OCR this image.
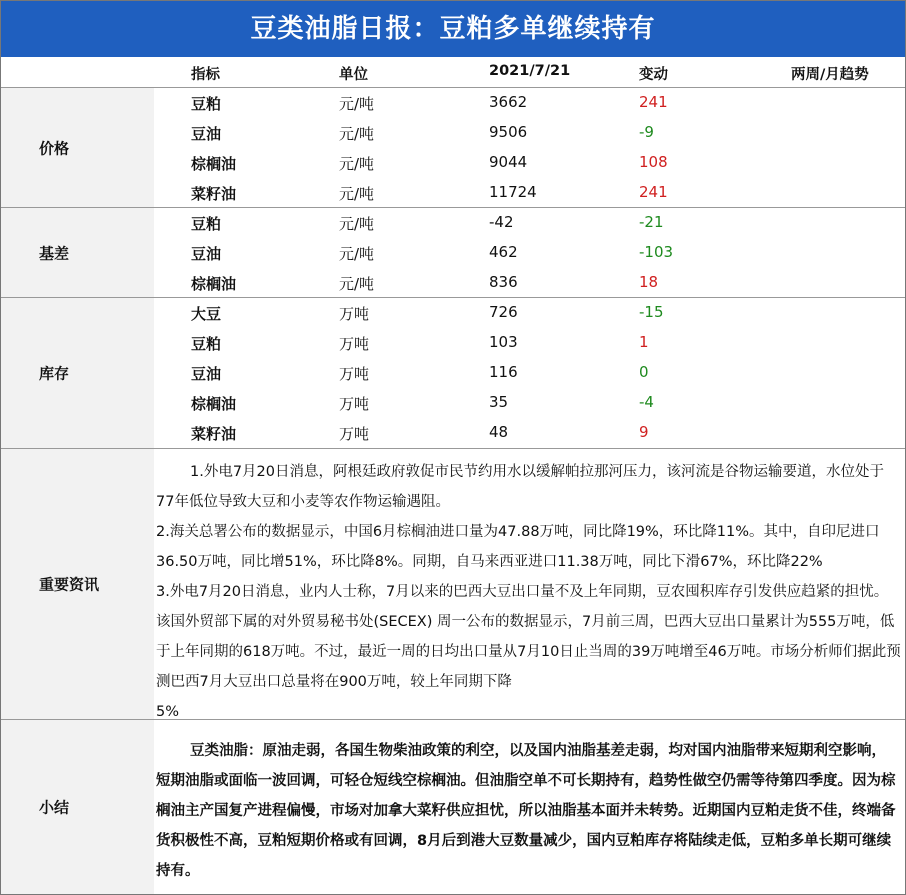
豆类油脂日报：豆粕多单继续持有
指标	单位	2021/7/21	变动	两周/月趋势
价格
豆粕	元/吨	3662	241
豆油	元/吨	9506	-9
棕榈油	元/吨	9044	108
菜籽油	元/吨	11724	241
基差
豆粕	元/吨	-42	-21
豆油	元/吨	462	-103
棕榈油	元/吨	836	18
库存
大豆	万吨	726	-15
豆粕	万吨	103	1
豆油	万吨	116	0
棕榈油	万吨	35	-4
菜籽油	万吨	48	9
重要资讯

1.外电7月20日消息，阿根廷政府敦促市民节约用水以缓解帕拉那河压力，该河流是谷物运输要道，水位处于77年低位导致大豆和小麦等农作物运输遇阻。

2.海关总署公布的数据显示，中国6月棕榈油进口量为47.88万吨，同比降19%，环比降11%。其中，自印尼进口36.50万吨，同比增51%，环比降8%。同期，自马来西亚进口11.38万吨，同比下滑67%，环比降22%

3.外电7月20日消息，业内人士称，7月以来的巴西大豆出口量不及上年同期，豆农囤积库存引发供应趋紧的担忧。该国外贸部下属的对外贸易秘书处(SECEX) 周一公布的数据显示，7月前三周，巴西大豆出口量累计为555万吨，低于上年同期的618万吨。不过，最近一周的日均出口量从7月10日止当周的39万吨增至46万吨。市场分析师们据此预测巴西7月大豆出口总量将在900万吨，较上年同期下降

5%

小结
豆类油脂：原油走弱，各国生物柴油政策的利空，以及国内油脂基差走弱，均对国内油脂带来短期利空影响，短期油脂或面临一波回调，可轻仓短线空棕榈油。但油脂空单不可长期持有，趋势性做空仍需等待第四季度。因为棕榈油主产国复产进程偏慢，市场对加拿大菜籽供应担忧，所以油脂基本面并未转势。近期国内豆粕走货不佳，终端备货积极性不高，豆粕短期价格或有回调，8月后到港大豆数量减少，国内豆粕库存将陆续走低，豆粕多单长期可继续持有。
